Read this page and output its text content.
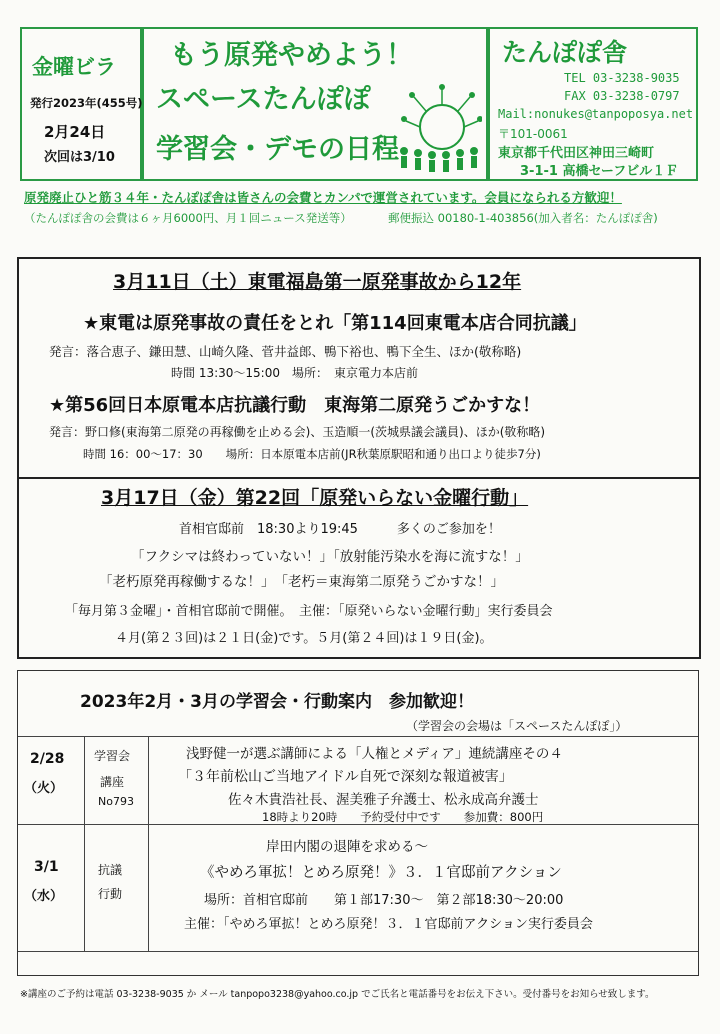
金曜ビラ
発行2023年(455号)
2月24日
次回は3/10
もう原発やめよう！
スペースたんぽぽ
学習会・デモの日程
たんぽぽ舎
TEL 03-3238-9035
FAX 03-3238-0797
Mail:nonukes@tanpoposya.net
〒101-0061
東京都千代田区神田三崎町
3-1-1 高橋セーフビル１Ｆ
原発廃止ひと筋３４年・たんぽぽ舎は皆さんの会費とカンパで運営されています。会員になられる方歓迎！
（たんぽぽ舎の会費は６ヶ月6000円、月１回ニュース発送等）	郵便振込 00180-1-403856(加入者名：たんぽぽ舎)
3月11日（土）東電福島第一原発事故から12年
★東電は原発事故の責任をとれ「第114回東電本店合同抗議」
発言：落合恵子、鎌田慧、山崎久隆、菅井益郎、鴨下裕也、鴨下全生、ほか(敬称略)
時間 13:30～15:00　場所：　東京電力本店前
★第56回日本原電本店抗議行動　東海第二原発うごかすな！
発言：野口修(東海第二原発の再稼働を止める会)、玉造順一(茨城県議会議員)、ほか(敬称略)
時間 16：00～17：30　　場所：日本原電本店前(JR秋葉原駅昭和通り出口より徒歩7分)
3月17日（金）第22回「原発いらない金曜行動」
首相官邸前　18:30より19:45　　　多くのご参加を！
「フクシマは終わっていない！」「放射能汚染水を海に流すな！」
「老朽原発再稼働するな！」　「老朽＝東海第二原発うごかすな！」
「毎月第３金曜」・首相官邸前で開催。　主催：「原発いらない金曜行動」実行委員会
４月(第２３回)は２１日(金)です。５月(第２４回)は１９日(金)。
2023年2月・3月の学習会・行動案内　参加歓迎！
（学習会の会場は「スペースたんぽぽ」）
2/28
（火）
学習会
講座
No793
浅野健一が選ぶ講師による「人権とメディア」連続講座その４
「３年前松山ご当地アイドル自死で深刻な報道被害」
佐々木貴浩社長、渥美雅子弁護士、松永成高弁護士
18時より20時　　予約受付中です　　参加費：800円
3/1
（水）
抗議
行動
岸田内閣の退陣を求める～
《やめろ軍拡！とめろ原発！》３．１官邸前アクション
場所：首相官邸前　　第１部17:30～　第２部18:30～20:00
主催：「やめろ軍拡！とめろ原発！３．１官邸前アクション実行委員会
※講座のご予約は電話 03-3238-9035 か メール tanpopo3238@yahoo.co.jp でご氏名と電話番号をお伝え下さい。受付番号をお知らせ致します。
